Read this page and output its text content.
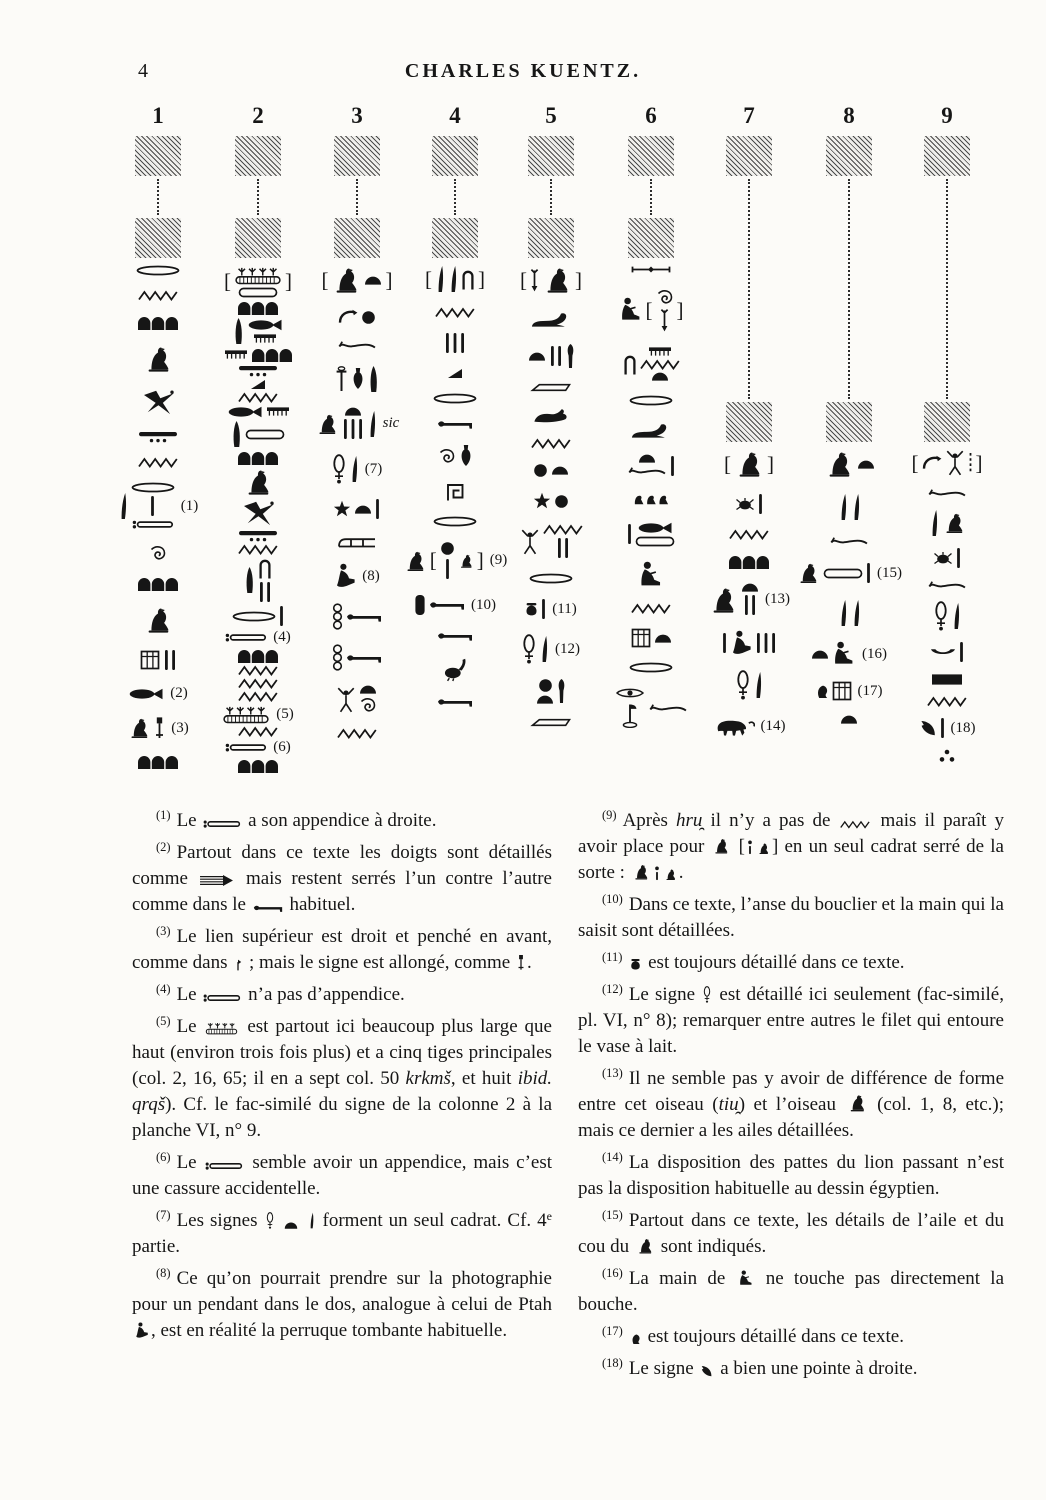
4	CHARLES KUENTZ.
1
(1)
(2)
(3)
2
[	]
(4)
(5)
(6)
3
[	]
sic
(7)
(8)
4
[ ]
[ ] (9)
(10)
5
[ ]
(11)
(12)
6
[ ]
7
[ ]
(13)
(14)
8
(15)
(16)
(17)
9
[	]
(18)

$^{(1)}$ Le  a son appendice à droite.

$^{(2)}$ Partout dans ce texte les doigts sont détaillés comme  mais restent serrés l’un contre l’autre comme dans le  habituel.

$^{(3)}$ Le lien supérieur est droit et penché en avant, comme dans  ; mais le signe est allongé, comme .

$^{(4)}$ Le  n’a pas d’appendice.

$^{(5)}$ Le  est partout ici beaucoup plus large que haut (environ trois fois plus) et a cinq tiges principales (col. 2, 16, 65; il en a sept col. 50 krkmš, et huit ibid. qrqš). Cf. le fac-similé du signe de la colonne 2 à la planche VI, n° 9.

$^{(6)}$ Le  semble avoir un appendice, mais c’est une cassure accidentelle.

$^{(7)}$ Les signes	forment un seul cadrat. Cf. 4e partie.

$^{(8)}$ Ce qu’on pourrait prendre sur la photographie pour un pendant dans le dos, analogue à celui de Ptah , est en réalité la perruque tombante habituelle.

$^{(9)}$ Après hru̯ il n’y a pas de  mais il paraît y avoir place pour  [ ] en un seul cadrat serré de la sorte :	.

$^{(10)}$ Dans ce texte, l’anse du bouclier et la main qui la saisit sont détaillées.

$^{(11)}$ est toujours détaillé dans ce texte.

$^{(12)}$ Le signe  est détaillé ici seulement (fac-similé, pl. VI, n° 8); remarquer entre autres le filet qui entoure le vase à lait.

$^{(13)}$ Il ne semble pas y avoir de différence de forme entre cet oiseau (tiu̯) et l’oiseau  (col. 1, 8, etc.); mais ce dernier a les ailes détaillées.

$^{(14)}$ La disposition des pattes du lion passant n’est pas la disposition habituelle au dessin égyptien.

$^{(15)}$ Partout dans ce texte, les détails de l’aile et du cou du  sont indiqués.

$^{(16)}$ La main de  ne touche pas directement la bouche.

$^{(17)}$ est toujours détaillé dans ce texte.

$^{(18)}$ Le signe  a bien une pointe à droite.
